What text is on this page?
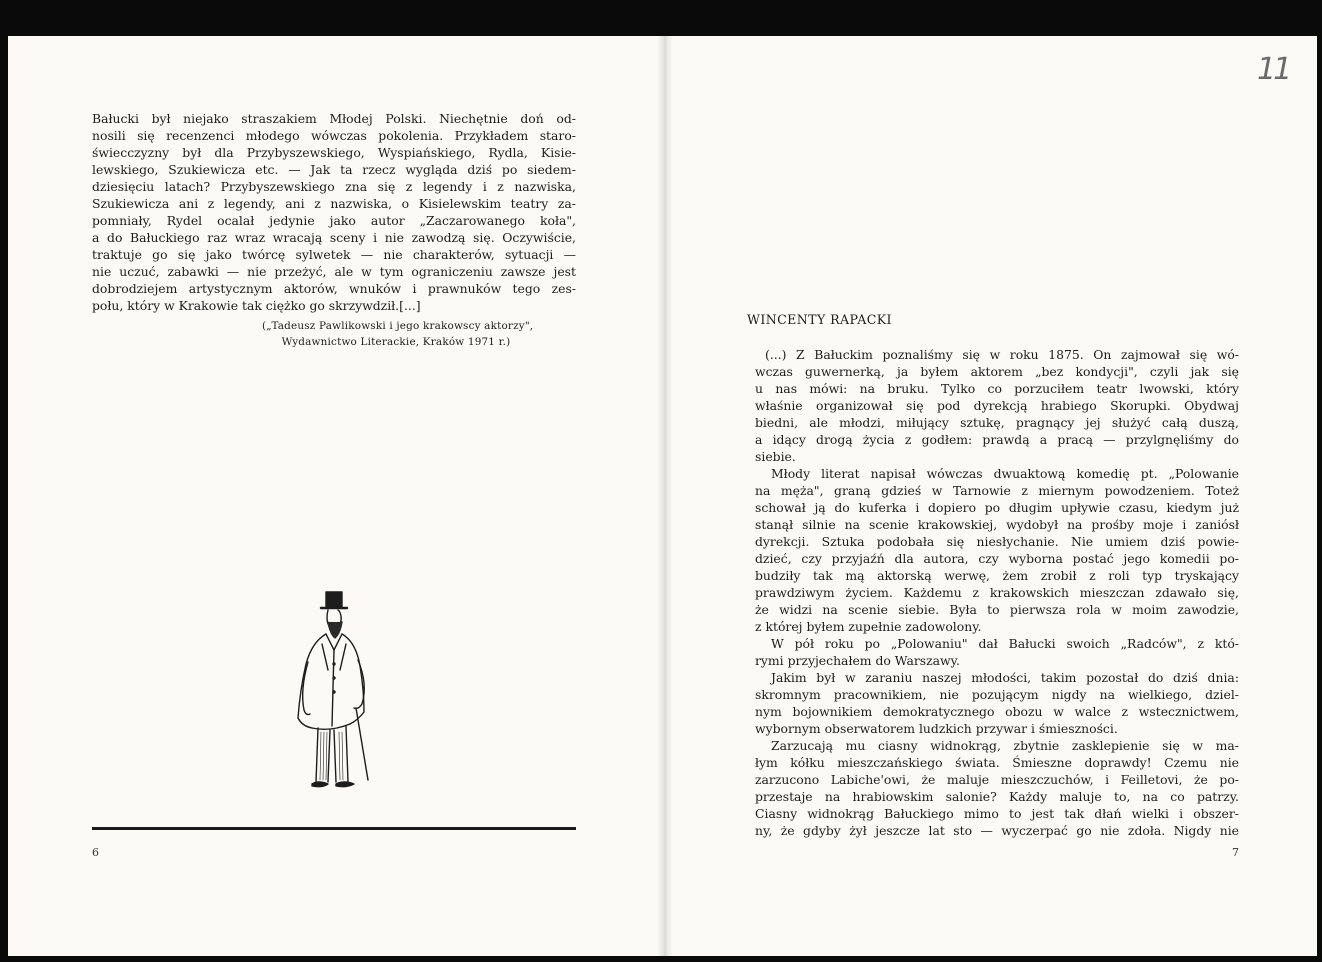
Bałucki był niejako straszakiem Młodej Polski. Niechętnie doń od-
nosili się recenzenci młodego wówczas pokolenia. Przykładem staro-
świecczyzny był dla Przybyszewskiego, Wyspiańskiego, Rydla, Kisie-
lewskiego, Szukiewicza etc. — Jak ta rzecz wygląda dziś po siedem-
dziesięciu latach? Przybyszewskiego zna się z legendy i z nazwiska,
Szukiewicza ani z legendy, ani z nazwiska, o Kisielewskim teatry za-
pomniały, Rydel ocalał jedynie jako autor „Zaczarowanego koła",
a do Bałuckiego raz wraz wracają sceny i nie zawodzą się. Oczywiście,
traktuje go się jako twórcę sylwetek — nie charakterów, sytuacji —
nie uczuć, zabawki — nie przeżyć, ale w tym ograniczeniu zawsze jest
dobrodziejem artystycznym aktorów, wnuków i prawnuków tego zes-
połu, który w Krakowie tak ciężko go skrzywdził.[...]
(„Tadeusz Pawlikowski i jego krakowscy aktorzy",
Wydawnictwo Literackie, Kraków 1971 r.)
6
11
WINCENTY RAPACKI
(...) Z Bałuckim poznaliśmy się w roku 1875. On zajmował się wó-
wczas guwernerką, ja byłem aktorem „bez kondycji", czyli jak się
u nas mówi: na bruku. Tylko co porzuciłem teatr lwowski, który
właśnie organizował się pod dyrekcją hrabiego Skorupki. Obydwaj
biedni, ale młodzi, miłujący sztukę, pragnący jej służyć całą duszą,
a idący drogą życia z godłem: prawdą a pracą — przylgnęliśmy do
siebie.
Młody literat napisał wówczas dwuaktową komedię pt. „Polowanie
na męża", graną gdzieś w Tarnowie z miernym powodzeniem. Toteż
schował ją do kuferka i dopiero po długim upływie czasu, kiedym już
stanął silnie na scenie krakowskiej, wydobył na prośby moje i zaniósł
dyrekcji. Sztuka podobała się niesłychanie. Nie umiem dziś powie-
dzieć, czy przyjaźń dla autora, czy wyborna postać jego komedii po-
budziły tak mą aktorską werwę, żem zrobił z roli typ tryskający
prawdziwym życiem. Każdemu z krakowskich mieszczan zdawało się,
że widzi na scenie siebie. Była to pierwsza rola w moim zawodzie,
z której byłem zupełnie zadowolony.
W pół roku po „Polowaniu" dał Bałucki swoich „Radców", z któ-
rymi przyjechałem do Warszawy.
Jakim był w zaraniu naszej młodości, takim pozostał do dziś dnia:
skromnym pracownikiem, nie pozującym nigdy na wielkiego, dziel-
nym bojownikiem demokratycznego obozu w walce z wstecznictwem,
wybornym obserwatorem ludzkich przywar i śmieszności.
Zarzucają mu ciasny widnokrąg, zbytnie zasklepienie się w ma-
łym kółku mieszczańskiego świata. Śmieszne doprawdy! Czemu nie
zarzucono Labiche'owi, że maluje mieszczuchów, i Feilletovi, że po-
przestaje na hrabiowskim salonie? Każdy maluje to, na co patrzy.
Ciasny widnokrąg Bałuckiego mimo to jest tak dłań wielki i obszer-
ny, że gdyby żył jeszcze lat sto — wyczerpać go nie zdoła. Nigdy nie
7
